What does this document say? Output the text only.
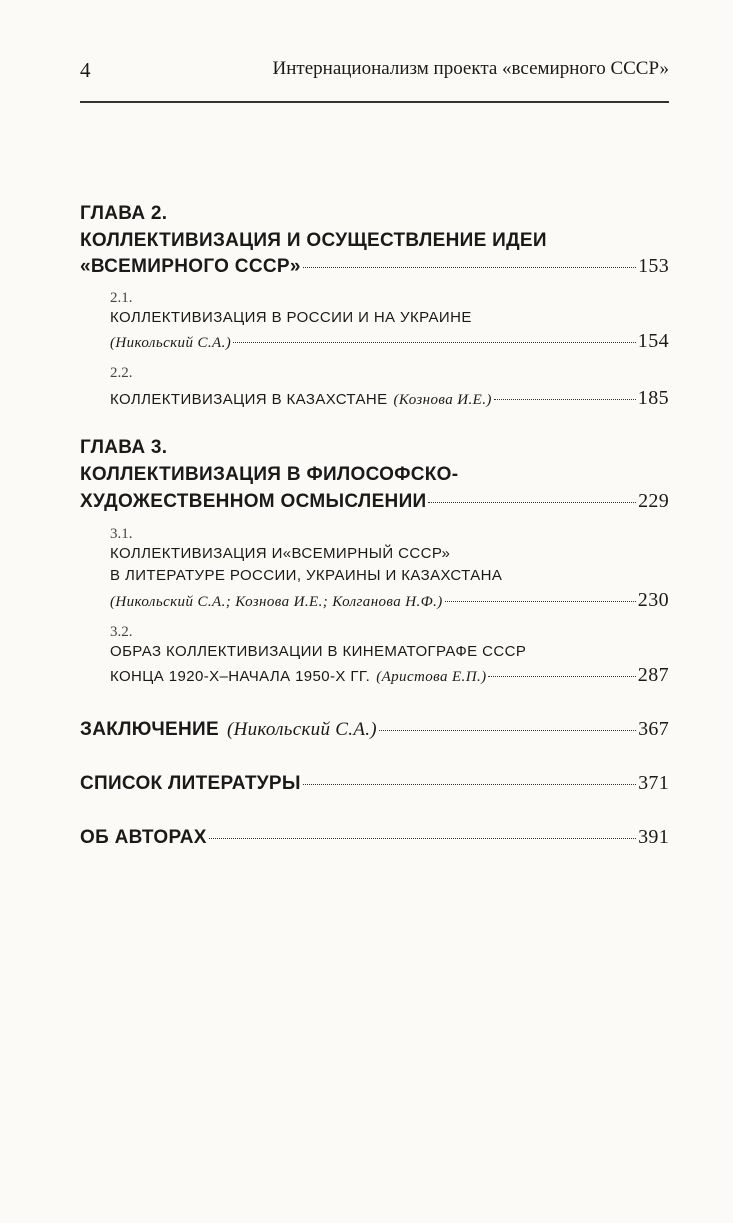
4	Интернационализм проекта «всемирного СССР»
ГЛАВА 2.
КОЛЛЕКТИВИЗАЦИЯ И ОСУЩЕСТВЛЕНИЕ ИДЕИ
«ВСЕМИРНОГО СССР»	153
2.1.
КОЛЛЕКТИВИЗАЦИЯ В РОССИИ И НА УКРАИНЕ
(Никольский С.А.)	154
2.2.
КОЛЛЕКТИВИЗАЦИЯ В КАЗАХСТАНЕ (Кознова И.Е.)	185
ГЛАВА 3.
КОЛЛЕКТИВИЗАЦИЯ В ФИЛОСОФСКО-
ХУДОЖЕСТВЕННОМ ОСМЫСЛЕНИИ	229
3.1.
КОЛЛЕКТИВИЗАЦИЯ И«ВСЕМИРНЫЙ СССР»
В ЛИТЕРАТУРЕ РОССИИ, УКРАИНЫ И КАЗАХСТАНА
(Никольский С.А.; Кознова И.Е.; Колганова Н.Ф.)	230
3.2.
ОБРАЗ КОЛЛЕКТИВИЗАЦИИ В КИНЕМАТОГРАФЕ СССР
КОНЦА 1920-Х–НАЧАЛА 1950-Х ГГ. (Аристова Е.П.)	287
ЗАКЛЮЧЕНИЕ (Никольский С.А.)	367
СПИСОК ЛИТЕРАТУРЫ	371
ОБ АВТОРАХ	391
